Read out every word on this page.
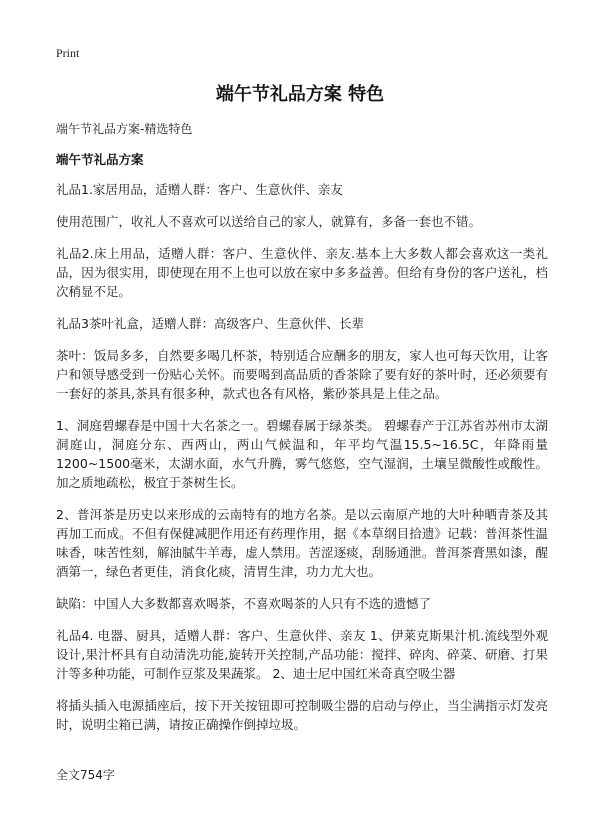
Print
端午节礼品方案 特色
端午节礼品方案-精选特色
端午节礼品方案

礼品1.家居用品，适赠人群：客户、生意伙伴、亲友

使用范围广，收礼人不喜欢可以送给自己的家人，就算有，多备一套也不错。

礼品2.床上用品，适赠人群：客户、生意伙伴、亲友.基本上大多数人都会喜欢这一类礼品，因为很实用，即使现在用不上也可以放在家中多多益善。但给有身份的客户送礼，档次稍显不足。

礼品3茶叶礼盒，适赠人群：高级客户、生意伙伴、长辈

茶叶：饭局多多，自然要多喝几杯茶，特别适合应酬多的朋友，家人也可每天饮用，让客户和领导感受到一份贴心关怀。而要喝到高品质的香茶除了要有好的茶叶时，还必须要有一套好的茶具,茶具有很多种，款式也各有风格，紫砂茶具是上佳之品。

1、洞庭碧螺春是中国十大名茶之一。碧螺春属于绿茶类。 碧螺春产于江苏省苏州市太湖洞庭山，洞庭分东、西两山，两山气候温和，年平均气温15.5~16.5C，年降雨量1200~1500毫米，太湖水面，水气升腾，雾气悠悠，空气湿润，土壤呈微酸性或酸性。加之质地疏松，极宜于茶树生长。

2、普洱茶是历史以来形成的云南特有的地方名茶。是以云南原产地的大叶种晒青茶及其再加工而成。不但有保健减肥作用还有药理作用，据《本草纲目拾遗》记载：普洱茶性温味香，味苦性刻，解油腻牛羊毒，虚人禁用。苦涩逐痰，刮肠通泄。普洱茶膏黑如漆，醒酒第一，绿色者更佳，消食化痰，清胃生津，功力尤大也。

缺陷：中国人大多数都喜欢喝茶，不喜欢喝茶的人只有不选的遗憾了

礼品4. 电器、厨具，适赠人群：客户、生意伙伴、亲友 1、伊莱克斯果汁机.流线型外观设计,果汁杯具有自动清洗功能,旋转开关控制,产品功能：搅拌、碎肉、碎菜、研磨、打果汁等多种功能，可制作豆浆及果蔬浆。 2、迪士尼中国红米奇真空吸尘器

将插头插入电源插座后，按下开关按钮即可控制吸尘器的启动与停止，当尘满指示灯发亮时，说明尘箱已满，请按正确操作倒掉垃圾。

全文754字
